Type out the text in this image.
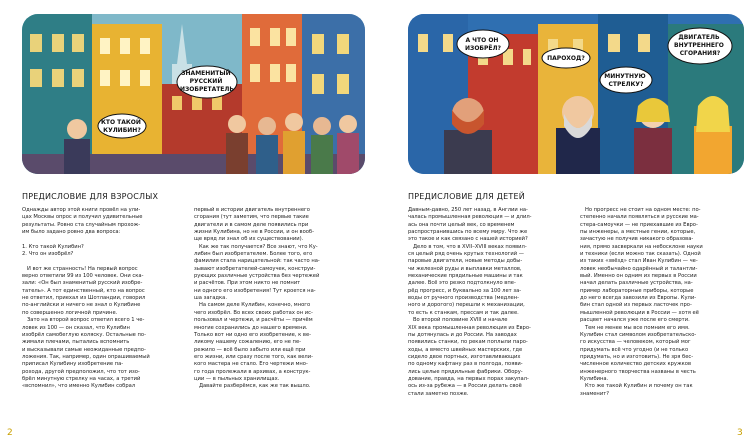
ЗНАМЕНИТЫЙ РУССКИЙ ИЗОБРЕТАТЕЛЬ
КТО ТАКОЙ КУЛИБИН?
ПРЕДИСЛОВИЕ ДЛЯ ВЗРОСЛЫХ
Однажды автор этой книги провёл на ули-
цах Москвы опрос и получил удивительные
результаты. Ровно ста случайным прохож-
им было задано ровно два вопроса:

1. Кто такой Кулибин?
2. Что он изобрёл?

И вот же странность! На первый вопрос
верно ответили 99 из 100 человек. Они ска-
зали: «Он был знаменитый русский изобре-
татель». А тот единственный, кто на вопрос
не ответил, приехал из Шотландии, говорил
по-английски и ничего не знал о Кулибине
по совершенно логичной причине.
Зато на второй вопрос ответил всего 1 че-
ловек из 100 — он сказал, что Кулибин
изобрёл самобеглую коляску. Остальные по-
жимали плечами, пытались вспомнить
и высказывали самые неожиданные предпо-
ложения. Так, например, один опрашиваемый
приписал Кулибину изобретение па-
рохода, другой предположил, что тот изо-
брёл минутную стрелку на часах, а третий
«вспомнил», что именно Кулибин собрал
первый в истории двигатель внутреннего
сгорания (тут заметим, что первые такие
двигатели и в самом деле появились при
жизни Кулибина, но не в России, и он вооб-
ще вряд ли знал об их существовании).
Как же так получается? Все знают, что Ку-
либин был изобретателем. Более того, его
фамилия стала нарицательной: так часто на-
зывают изобретателей-самоучек, конструи-
рующих различные устройства без чертежей
и расчётов. При этом никто не помнит
ни одного его изобретения! Тут кроется на-
ша загадка.
На самом деле Кулибин, конечно, много
чего изобрёл. Во всех своих работах он ис-
пользовал и чертежи, и расчёты — причём
многие сохранились до нашего времени.
Только вот ни одно его изобретение, к ве-
ликому нашему сожалению, его не пе-
режило — всё было забыто или ещё при
его жизни, или сразу после того, как вели-
кого мастера не стало. Его чертежи мно-
го года пролежали в архивах, а конструк-
ции — в пыльных хранилищах.
Давайте разберёмся, как же так вышло.
2
А ЧТО ОН ИЗОБРЁЛ?
ПАРОХОД?
ДВИГАТЕЛЬ ВНУТРЕННЕГО СГОРАНИЯ?
МИНУТНУЮ СТРЕЛКУ?
ПРЕДИСЛОВИЕ ДЛЯ ДЕТЕЙ
Давным-давно, 250 лет назад, в Англии на-
чалась промышленная революция — и длил-
ась она почти целый век, со временем
распространившись по всему миру. Что же
это такое и как связано с нашей историей?
Дело в том, что в XVII–XVIII веках появил-
ся целый ряд очень крутых технологий —
паровые двигатели, новые методы добы-
чи железной руды и выплавки металлов,
механические прядильные машины и так
далее. Всё это резко подтолкнуло впе-
рёд прогресс, и буквально за 100 лет за-
воды от ручного производства (медлен-
ного и дорогого) перешли к механизации,
то есть к станкам, прессам и так далее.
Во второй половине XVIII и начале
XIX века промышленная революция из Евро-
пы дотянулась и до России. На заводах
появились станки, по рекам поплыли паро-
ходы, а вместо швейных мастерских, где
сидело двое портных, изготавливающих
по одному кафтану раз в полгода, появи-
лись целые прядильные фабрики. Обору-
дование, правда, на первых порах закупал-
ось из-за рубежа — в России делать своё
стали заметно позже.
Но прогресс не стоит на одном месте: по-
степенно начали появляться и русские ма-
стера-самоучки — не приехавшие из Евро-
пы инженеры, а местные гении, которые,
зачастую не получив никакого образова-
ния, прямо засверкали на небосклоне науки
и техники (если можно так сказать). Одной
из таких «звёзд» стал Иван Кулибин — че-
ловек необычайно одарённый и талантли-
вый. Именно он одним из первых в России
начал делать различные устройства, на-
пример лабораторные приборы, которые
до него всегда завозили из Европы. Кули-
бин стал одной из первых ласточек про-
мышленной революции в России — хотя её
расцвет начался уже после его смерти.
Тем не менее мы все помним его имя.
Кулибин стал символом изобретательско-
го искусства — человеком, который мог
придумать всё что угодно (и не только
придумать, но и изготовить). Не зря бес-
численное количество детских кружков
инженерного творчества названы в честь
Кулибина.
Кто же такой Кулибин и почему он так
знаменит?
3
